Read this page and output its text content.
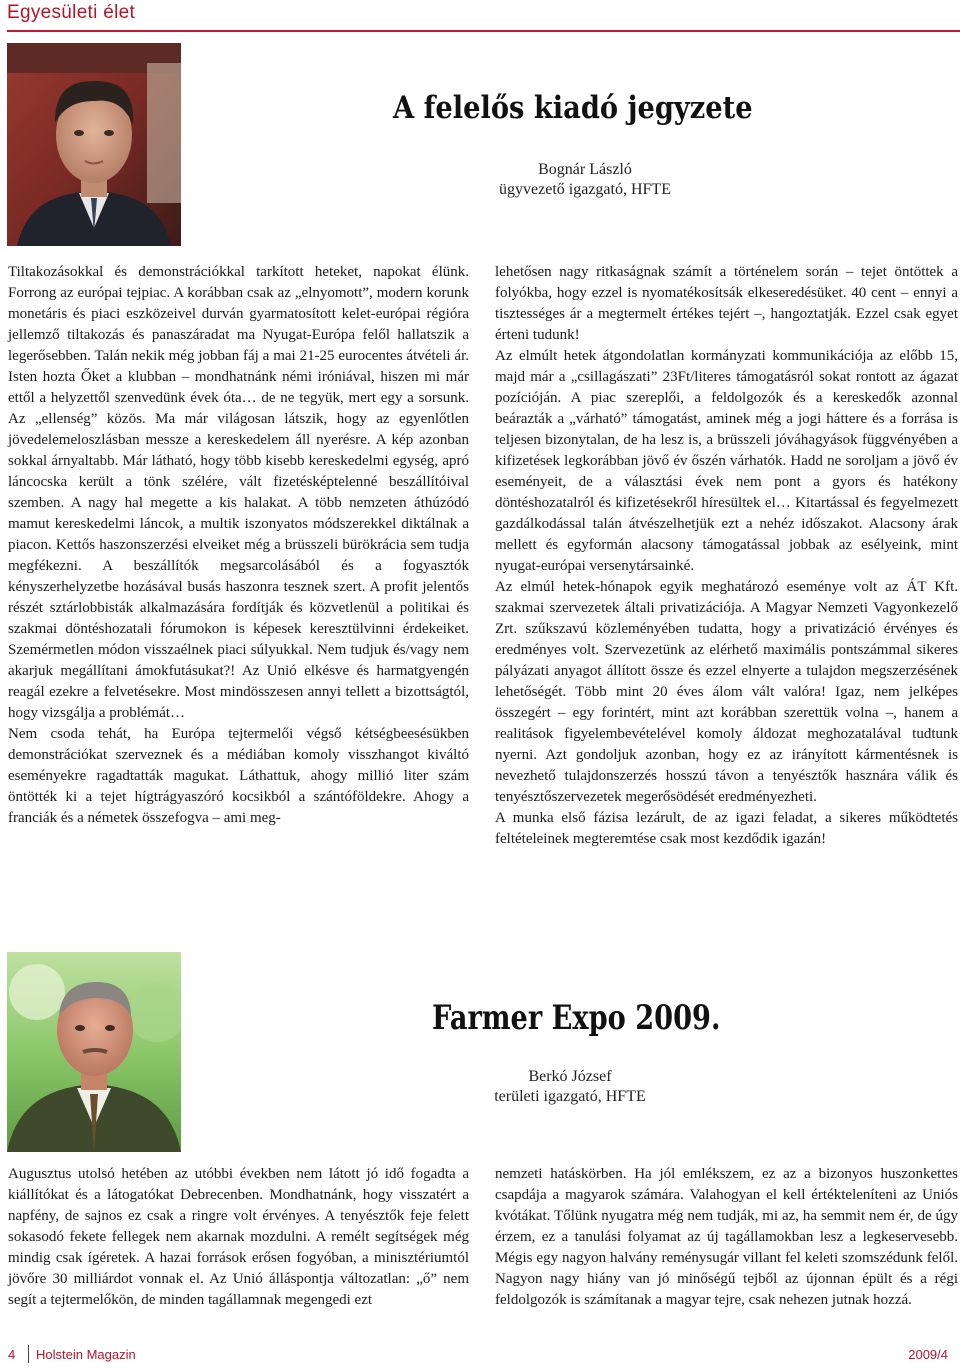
Egyesületi élet
A felelős kiadó jegyzete
Bognár László
ügyvezető igazgató, HFTE

Tiltakozásokkal és demonstrációkkal tarkított heteket, napokat élünk. Forrong az európai tejpiac. A korábban csak az „elnyomott”, modern korunk monetáris és piaci eszközeivel durván gyarmatosított kelet-európai régióra jellemző tiltakozás és panaszáradat ma Nyugat-Európa felől hallatszik a legerősebben. Talán nekik még jobban fáj a mai 21-25 eurocentes átvételi ár. Isten hozta Őket a klubban – mondhatnánk némi iróniával, hiszen mi már ettől a helyzettől szenvedünk évek óta… de ne tegyük, mert egy a sorsunk. Az „ellenség” közös. Ma már világosan látszik, hogy az egyenlőtlen jövedelemeloszlásban messze a kereskedelem áll nyerésre. A kép azonban sokkal árnyaltabb. Már látható, hogy több kisebb kereskedelmi egység, apró láncocska került a tönk szélére, vált fizetésképtelenné beszállítóival szemben. A nagy hal megette a kis halakat. A több nemzeten áthúzódó mamut kereskedelmi láncok, a multik iszonyatos módszerekkel diktálnak a piacon. Kettős haszonszerzési elveiket még a brüsszeli bürökrácia sem tudja megfékezni. A beszállítók megsarcolásából és a fogyasztók kényszerhelyzetbe hozásával busás haszonra tesznek szert. A profit jelentős részét sztárlobbisták alkalmazására fordítják és közvetlenül a politikai és szakmai döntéshozatali fórumokon is képesek keresztülvinni érdekeiket. Szemérmetlen módon visszaélnek piaci súlyukkal. Nem tudjuk és/vagy nem akarjuk megállítani ámokfutásukat?! Az Unió elkésve és harmatgyengén reagál ezekre a felvetésekre. Most mindösszesen annyi tellett a bizottságtól, hogy vizsgálja a problémát…

Nem csoda tehát, ha Európa tejtermelői végső kétségbeesésükben demonstrációkat szerveznek és a médiában komoly visszhangot kiváltó eseményekre ragadtatták magukat. Láthattuk, ahogy millió liter szám öntötték ki a tejet hígtrágyaszóró kocsikból a szántóföldekre. Ahogy a franciák és a németek összefogva – ami meg-

lehetősen nagy ritkaságnak számít a történelem során – tejet öntöttek a folyókba, hogy ezzel is nyomatékosítsák elkeseredésüket. 40 cent – ennyi a tisztességes ár a megtermelt értékes tejért –, hangoztatják. Ezzel csak egyet érteni tudunk!

Az elmúlt hetek átgondolatlan kormányzati kommunikációja az előbb 15, majd már a „csillagászati” 23Ft/literes támogatásról sokat rontott az ágazat pozícióján. A piac szereplői, a feldolgozók és a kereskedők azonnal beárazták a „várható” támogatást, aminek még a jogi háttere és a forrása is teljesen bizonytalan, de ha lesz is, a brüsszeli jóváhagyások függvényében a kifizetések legkorábban jövő év őszén várhatók. Hadd ne soroljam a jövő év eseményeit, de a választási évek nem pont a gyors és hatékony döntéshozatalról és kifizetésekről híresültek el… Kitartással és fegyelmezett gazdálkodással talán átvészelhetjük ezt a nehéz időszakot. Alacsony árak mellett és egyformán alacsony támogatással jobbak az esélyeink, mint nyugat-európai versenytársainké.

Az elmúl hetek-hónapok egyik meghatározó eseménye volt az ÁT Kft. szakmai szervezetek általi privatizációja. A Magyar Nemzeti Vagyonkezelő Zrt. szűkszavú közleményében tudatta, hogy a privatizáció érvényes és eredményes volt. Szervezetünk az elérhető maximális pontszámmal sikeres pályázati anyagot állított össze és ezzel elnyerte a tulajdon megszerzésének lehetőségét. Több mint 20 éves álom vált valóra! Igaz, nem jelképes összegért – egy forintért, mint azt korábban szerettük volna –, hanem a realitások figyelembevételével komoly áldozat meghozatalával tudtunk nyerni. Azt gondoljuk azonban, hogy ez az irányított kármentésnek is nevezhető tulajdonszerzés hosszú távon a tenyésztők hasznára válik és tenyésztőszervezetek megerősödését eredményezheti.

A munka első fázisa lezárult, de az igazi feladat, a sikeres működtetés feltételeinek megteremtése csak most kezdődik igazán!

Farmer Expo 2009.
Berkó József
területi igazgató, HFTE

Augusztus utolsó hetében az utóbbi években nem látott jó idő fogadta a kiállítókat és a látogatókat Debrecenben. Mondhatnánk, hogy visszatért a napfény, de sajnos ez csak a ringre volt érvényes. A tenyésztők feje felett sokasodó fekete fellegek nem akarnak mozdulni. A remélt segítségek még mindig csak ígéretek. A hazai források erősen fogyóban, a minisztériumtól jövőre 30 milliárdot vonnak el. Az Unió álláspontja változatlan: „ő” nem segít a tejtermelőkön, de minden tagállamnak megengedi ezt

nemzeti hatáskörben. Ha jól emlékszem, ez az a bizonyos huszonkettes csapdája a magyarok számára. Valahogyan el kell értékteleníteni az Uniós kvótákat. Tőlünk nyugatra még nem tudják, mi az, ha semmit nem ér, de úgy érzem, ez a tanulási folyamat az új tagállamokban lesz a legkeservesebb. Mégis egy nagyon halvány reménysugár villant fel keleti szomszédunk felől. Nagyon nagy hiány van jó minőségű tejből az újonnan épült és a régi feldolgozók is számítanak a magyar tejre, csak nehezen jutnak hozzá.

4 Holstein Magazin	2009/4
